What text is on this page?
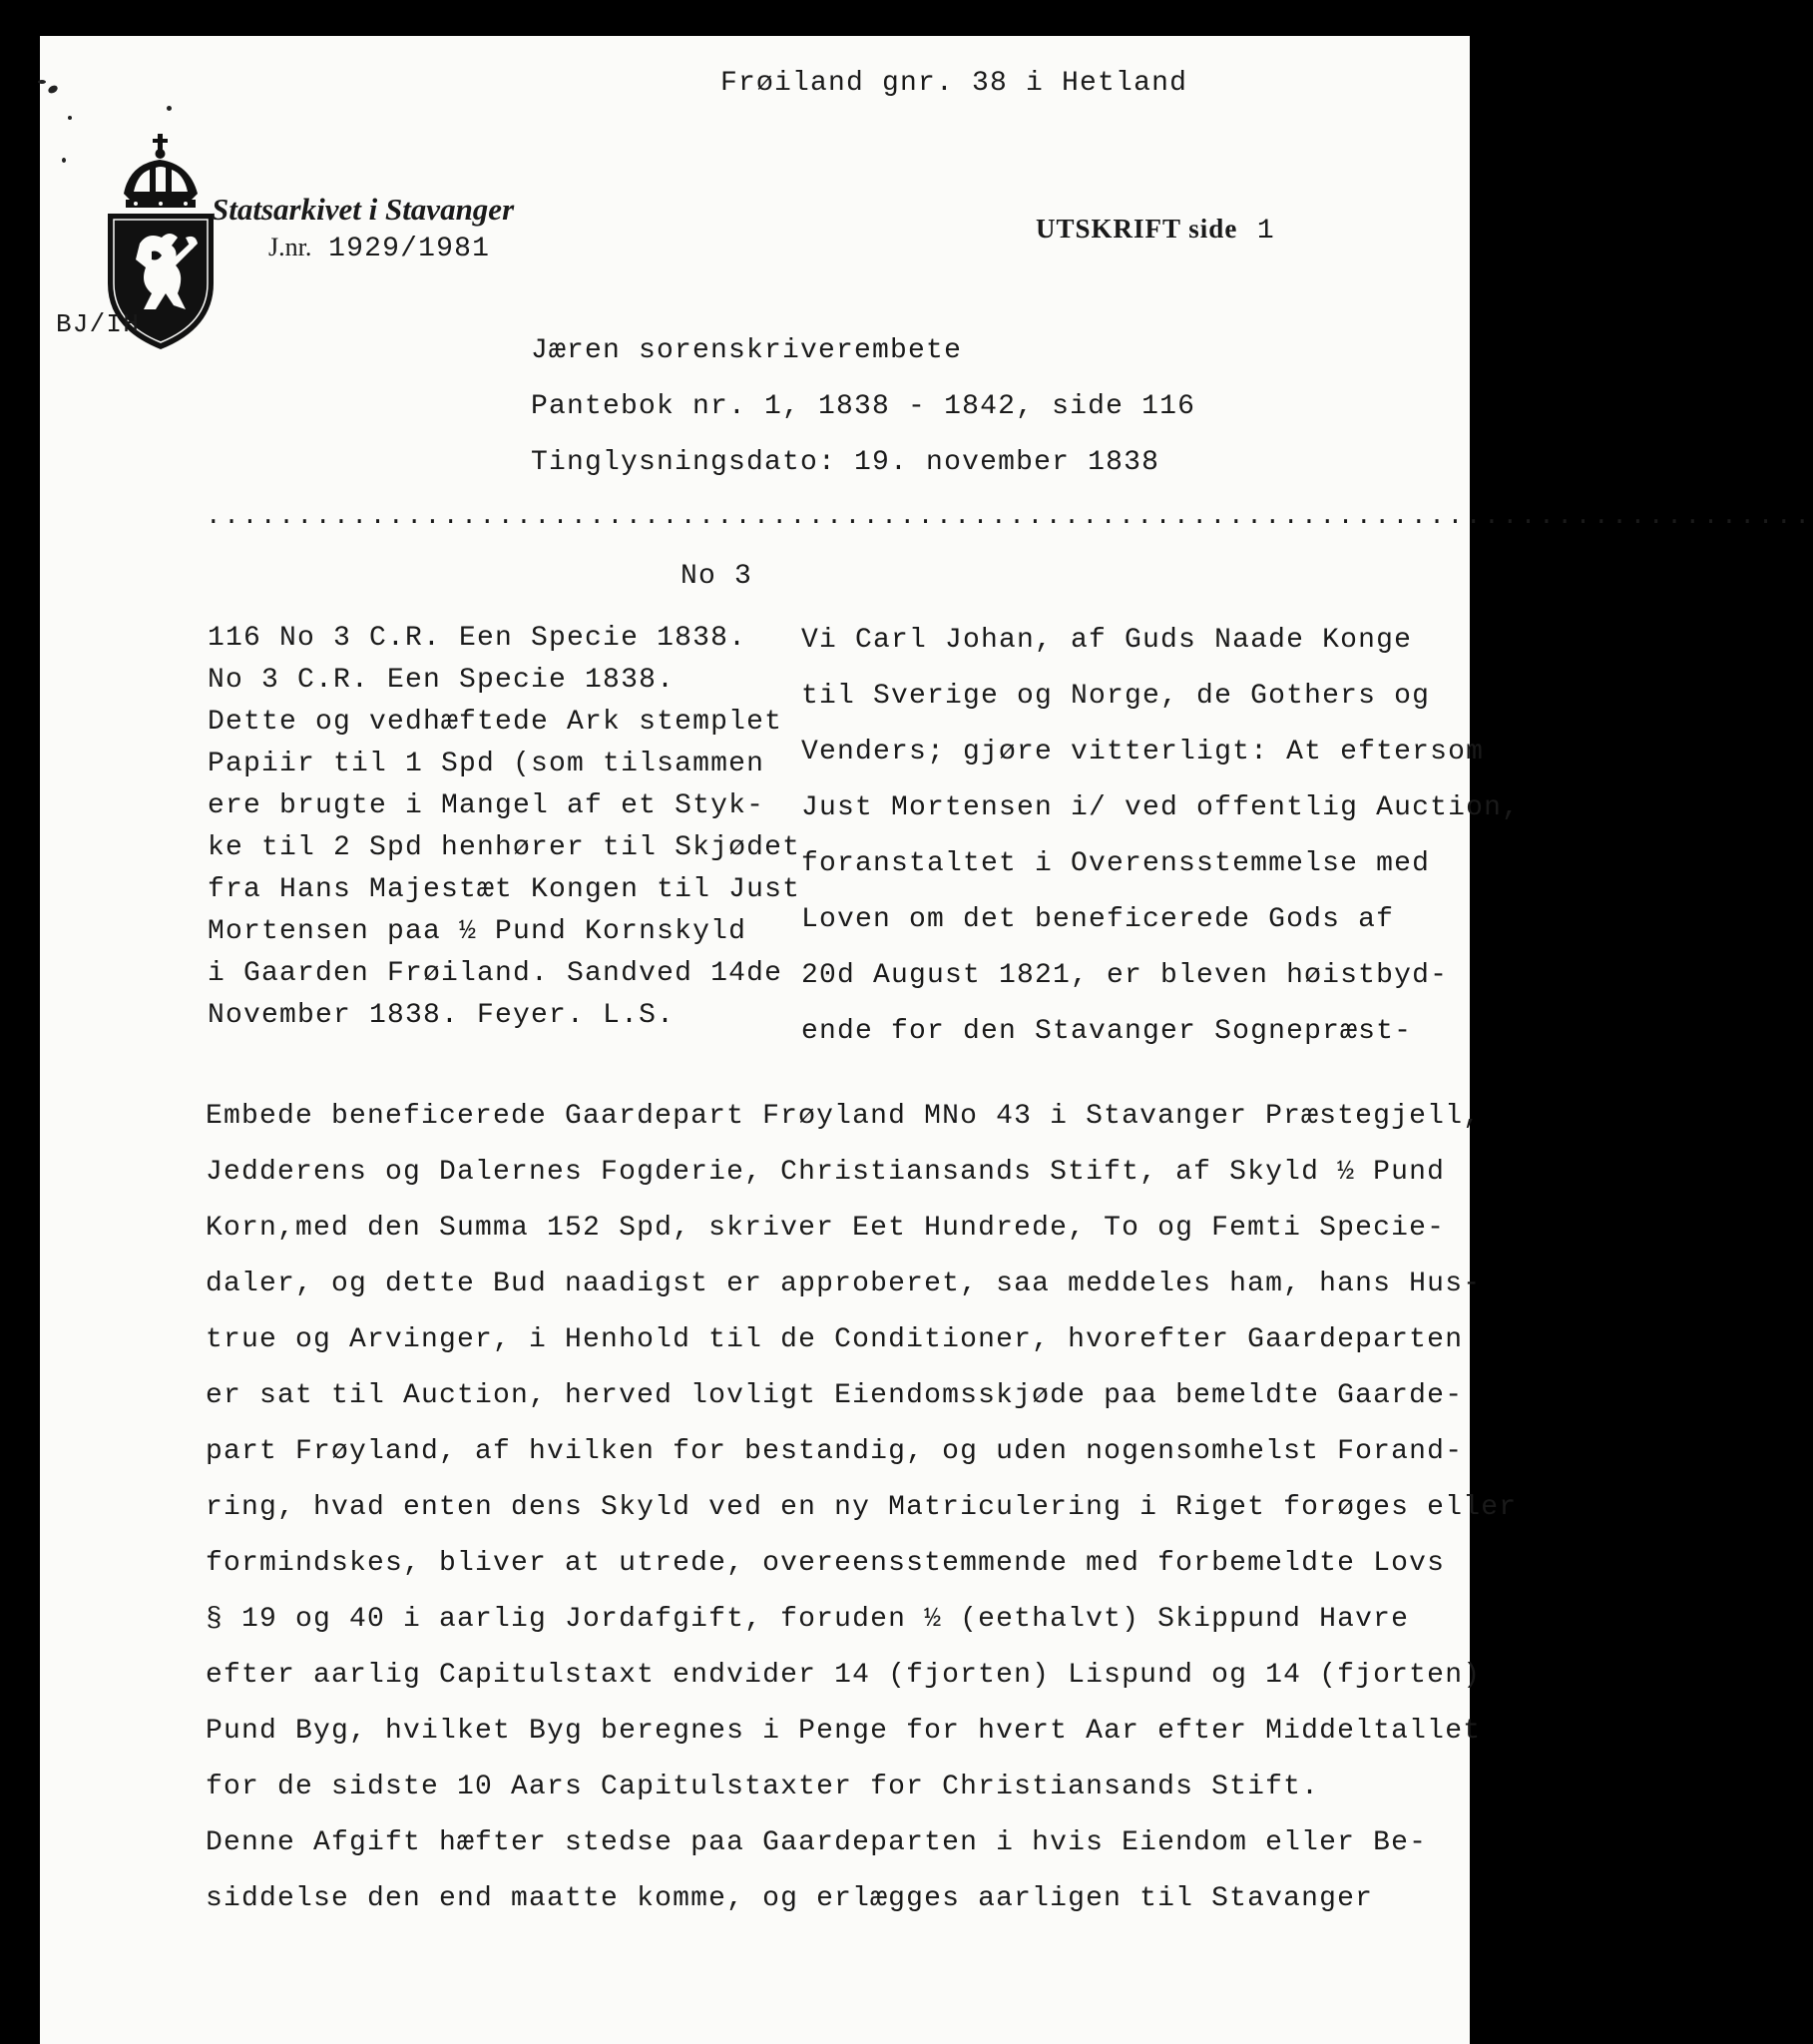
Frøiland gnr. 38 i Hetland
Statsarkivet i Stavanger
J.nr. 1929/1981
BJ/IH
UTSKRIFT side 1
Jæren sorenskriverembete
Pantebok nr. 1, 1838 - 1842, side 116
Tinglysningsdato: 19. november 1838
........................................................................................
No 3
116 No 3 C.R. Een Specie 1838.
No 3 C.R. Een Specie 1838.
Dette og vedhæftede Ark stemplet
Papiir til 1 Spd (som tilsammen
ere brugte i Mangel af et Styk-
ke til 2 Spd henhører til Skjødet
fra Hans Majestæt Kongen til Just
Mortensen paa ½ Pund Kornskyld
i Gaarden Frøiland. Sandved 14de
November 1838. Feyer. L.S.
Vi Carl Johan, af Guds Naade Konge
til Sverige og Norge, de Gothers og
Venders; gjøre vitterligt: At eftersom
Just Mortensen i/ ved offentlig Auction,
foranstaltet i Overensstemmelse med
Loven om det beneficerede Gods af
20d August 1821, er bleven høistbyd-
ende for den Stavanger Sognepræst-
Embede beneficerede Gaardepart Frøyland MNo 43 i Stavanger Præstegjell,
Jedderens og Dalernes Fogderie, Christiansands Stift, af Skyld ½ Pund
Korn,med den Summa 152 Spd, skriver Eet Hundrede, To og Femti Specie-
daler, og dette Bud naadigst er approberet, saa meddeles ham, hans Hus-
true og Arvinger, i Henhold til de Conditioner, hvorefter Gaardeparten
er sat til Auction, herved lovligt Eiendomsskjøde paa bemeldte Gaarde-
part Frøyland, af hvilken for bestandig, og uden nogensomhelst Forand-
ring, hvad enten dens Skyld ved en ny Matriculering i Riget forøges eller
formindskes, bliver at utrede, overeensstemmende med forbemeldte Lovs
§ 19 og 40 i aarlig Jordafgift, foruden ½ (eethalvt) Skippund Havre
efter aarlig Capitulstaxt endvider 14 (fjorten) Lispund og 14 (fjorten)
Pund Byg, hvilket Byg beregnes i Penge for hvert Aar efter Middeltallet
for de sidste 10 Aars Capitulstaxter for Christiansands Stift.
Denne Afgift hæfter stedse paa Gaardeparten i hvis Eiendom eller Be-
siddelse den end maatte komme, og erlægges aarligen til Stavanger
